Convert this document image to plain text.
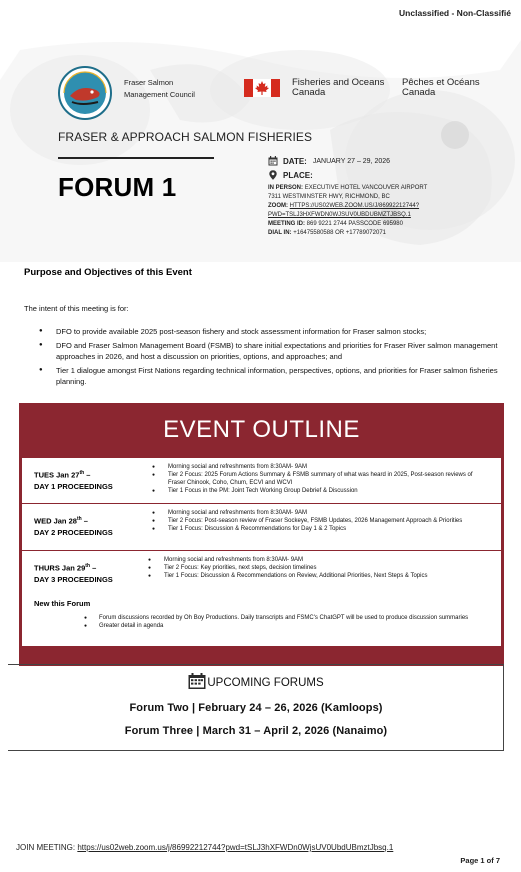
Unclassified - Non-Classifié
Fraser Salmon
Management Council
Fisheries and Oceans
Canada
Pêches et Océans
Canada
FRASER & APPROACH SALMON FISHERIES
FORUM 1
DATE: JANUARY 27 – 29, 2026
PLACE:
IN PERSON: EXECUTIVE HOTEL VANCOUVER AIRPORT
7311 WESTMINSTER HWY, RICHMOND, BC
ZOOM: HTTPS://US02WEB.ZOOM.US/J/86992212744?
PWD=TSLJ3HXFWDN0WJSUV0UBDUBMZTJBSQ.1
MEETING ID: 869 9221 2744 PASSCODE 695980
DIAL IN: +16475580588 OR +17789072071
Purpose and Objectives of this Event
The intent of this meeting is for:
● DFO to provide available 2025 post-season fishery and stock assessment information for Fraser salmon stocks;
● DFO and Fraser Salmon Management Board (FSMB) to share initial expectations and priorities for Fraser River salmon management approaches in 2026, and host a discussion on priorities, options, and approaches; and
● Tier 1 dialogue amongst First Nations regarding technical information, perspectives, options, and priorities for Fraser salmon fisheries planning.
EVENT OUTLINE
TUES Jan 27th –
DAY 1 PROCEEDINGS
● Morning social and refreshments from 8:30AM- 9AM
● Tier 2 Focus: 2025 Forum Actions Summary & FSMB summary of what was heard in 2025, Post-season reviews of Fraser Chinook, Coho, Chum, ECVI and WCVI
● Tier 1 Focus in the PM: Joint Tech Working Group Debrief & Discussion
WED Jan 28th –
DAY 2 PROCEEDINGS
● Morning social and refreshments from 8:30AM- 9AM
● Tier 2 Focus: Post-season review of Fraser Sockeye, FSMB Updates, 2026 Management Approach & Priorities
● Tier 1 Focus: Discussion & Recommendations for Day 1 & 2 Topics
THURS Jan 29th –
DAY 3 PROCEEDINGS
● Morning social and refreshments from 8:30AM- 9AM
● Tier 2 Focus: Key priorities, next steps, decision timelines
● Tier 1 Focus: Discussion & Recommendations on Review, Additional Priorities, Next Steps & Topics
New this Forum
● Forum discussions recorded by Oh Boy Productions. Daily transcripts and FSMC's ChatGPT will be used to produce discussion summaries
● Greater detail in agenda
UPCOMING FORUMS
Forum Two | February 24 – 26, 2026 (Kamloops)
Forum Three | March 31 – April 2, 2026 (Nanaimo)
JOIN MEETING: https://us02web.zoom.us/j/86992212744?pwd=tSLJ3hXFWDn0WjsUV0UbdUBmztJbsq.1
Page 1 of 7
